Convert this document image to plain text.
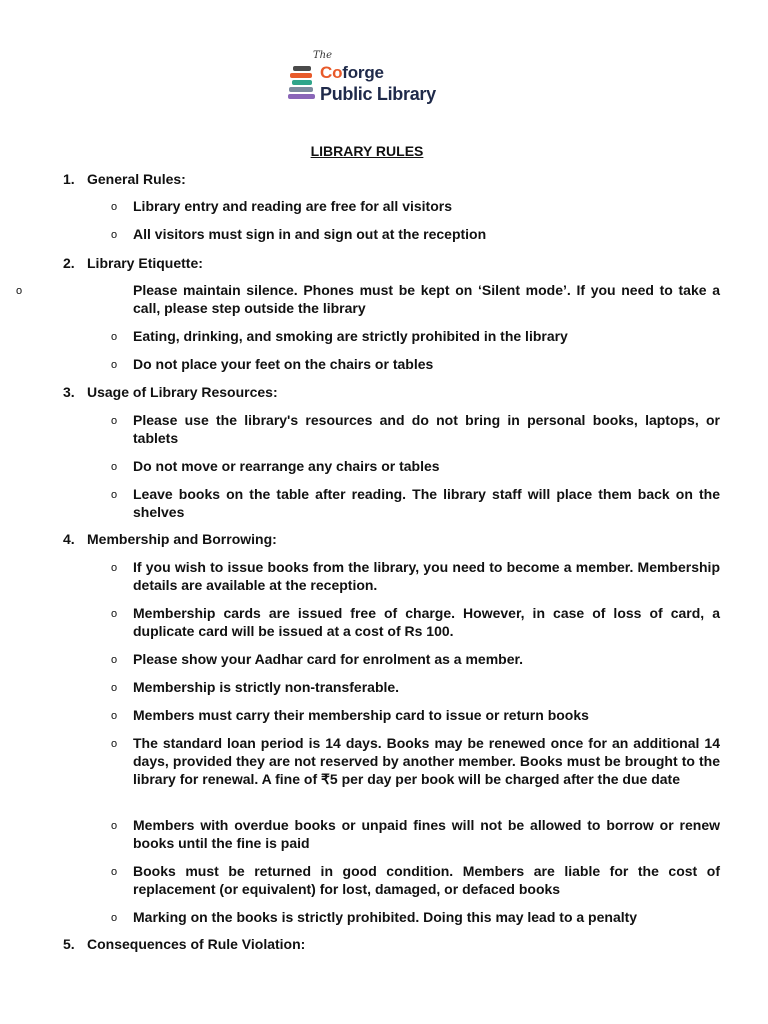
The
Coforge
Public Library
LIBRARY RULES
1. General Rules:
o Library entry and reading are free for all visitors
o All visitors must sign in and sign out at the reception
2. Library Etiquette:
o	Please maintain silence. Phones must be kept on ‘Silent mode’. If you need to take a call, please step outside the library
o Eating, drinking, and smoking are strictly prohibited in the library
o Do not place your feet on the chairs or tables
3. Usage of Library Resources:
o Please use the library's resources and do not bring in personal books, laptops, or tablets
o Do not move or rearrange any chairs or tables
o Leave books on the table after reading. The library staff will place them back on the shelves
4. Membership and Borrowing:
o If you wish to issue books from the library, you need to become a member. Membership details are available at the reception.
o Membership cards are issued free of charge. However, in case of loss of card, a duplicate card will be issued at a cost of Rs 100.
o Please show your Aadhar card for enrolment as a member.
o Membership is strictly non-transferable.
o Members must carry their membership card to issue or return books
o The standard loan period is 14 days. Books may be renewed once for an additional 14 days, provided they are not reserved by another member. Books must be brought to the library for renewal. A fine of ₹5 per day per book will be charged after the due date
o Members with overdue books or unpaid fines will not be allowed to borrow or renew books until the fine is paid
o Books must be returned in good condition. Members are liable for the cost of replacement (or equivalent) for lost, damaged, or defaced books
o Marking on the books is strictly prohibited. Doing this may lead to a penalty
5. Consequences of Rule Violation:
